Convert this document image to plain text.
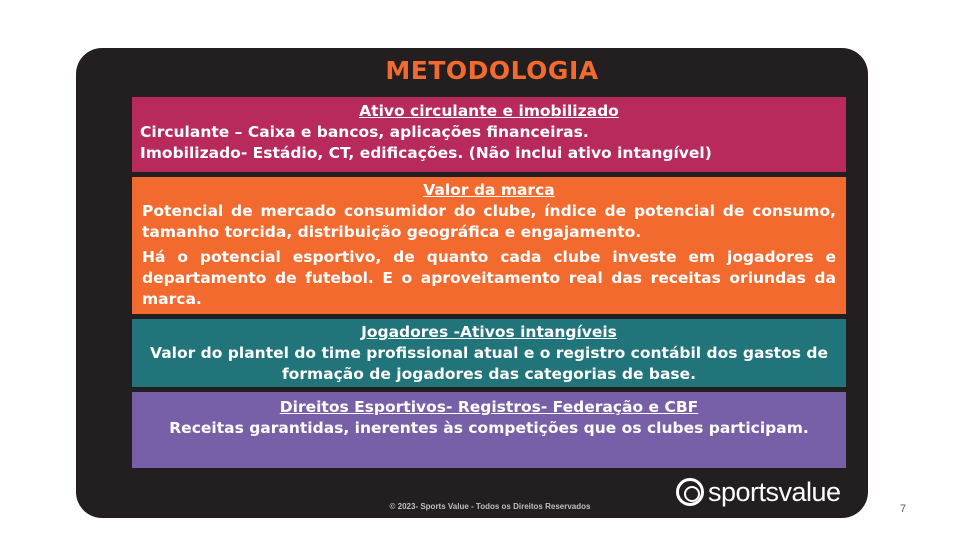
METODOLOGIA
Ativo circulante e imobilizado
Circulante – Caixa e bancos, aplicações financeiras.
Imobilizado- Estádio, CT, edificações. (Não inclui ativo intangível)
Valor da marca
Potencial de mercado consumidor do clube, índice de potencial de consumo, tamanho torcida, distribuição geográfica e engajamento.
Há o potencial esportivo, de quanto cada clube investe em jogadores e departamento de futebol. E o aproveitamento real das receitas oriundas da marca.
Jogadores -Ativos intangíveis
Valor do plantel do time profissional atual e o registro contábil dos gastos de formação de jogadores das categorias de base.
Direitos Esportivos- Registros- Federação e CBF
Receitas garantidas, inerentes às competições que os clubes participam.
© 2023- Sports Value - Todos os Direitos Reservados	sportsvalue
7
